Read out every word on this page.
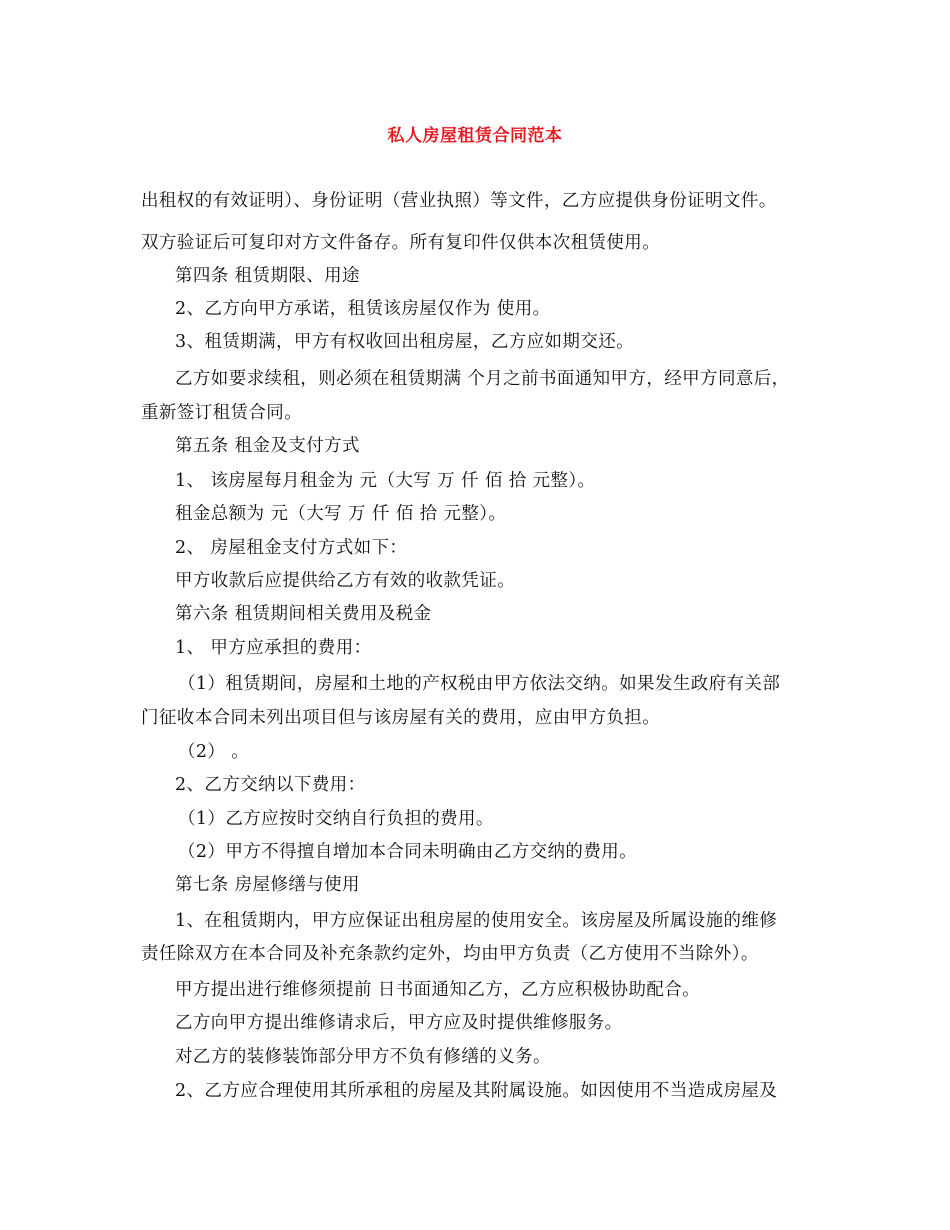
私人房屋租赁合同范本
出租权的有效证明）、身份证明（营业执照）等文件，乙方应提供身份证明文件。
双方验证后可复印对方文件备存。所有复印件仅供本次租赁使用。
第四条 租赁期限、用途
2、乙方向甲方承诺，租赁该房屋仅作为 使用。
3、租赁期满，甲方有权收回出租房屋，乙方应如期交还。
乙方如要求续租，则必须在租赁期满 个月之前书面通知甲方，经甲方同意后，
重新签订租赁合同。
第五条 租金及支付方式
1、 该房屋每月租金为 元（大写 万 仟 佰 拾 元整）。
租金总额为 元（大写 万 仟 佰 拾 元整）。
2、 房屋租金支付方式如下：
甲方收款后应提供给乙方有效的收款凭证。
第六条 租赁期间相关费用及税金
1、 甲方应承担的费用：
（1）租赁期间，房屋和土地的产权税由甲方依法交纳。如果发生政府有关部
门征收本合同未列出项目但与该房屋有关的费用，应由甲方负担。
（2） 。
2、乙方交纳以下费用：
（1）乙方应按时交纳自行负担的费用。
（2）甲方不得擅自增加本合同未明确由乙方交纳的费用。
第七条 房屋修缮与使用
1、在租赁期内，甲方应保证出租房屋的使用安全。该房屋及所属设施的维修
责任除双方在本合同及补充条款约定外，均由甲方负责（乙方使用不当除外）。
甲方提出进行维修须提前 日书面通知乙方，乙方应积极协助配合。
乙方向甲方提出维修请求后，甲方应及时提供维修服务。
对乙方的装修装饰部分甲方不负有修缮的义务。
2、乙方应合理使用其所承租的房屋及其附属设施。如因使用不当造成房屋及
